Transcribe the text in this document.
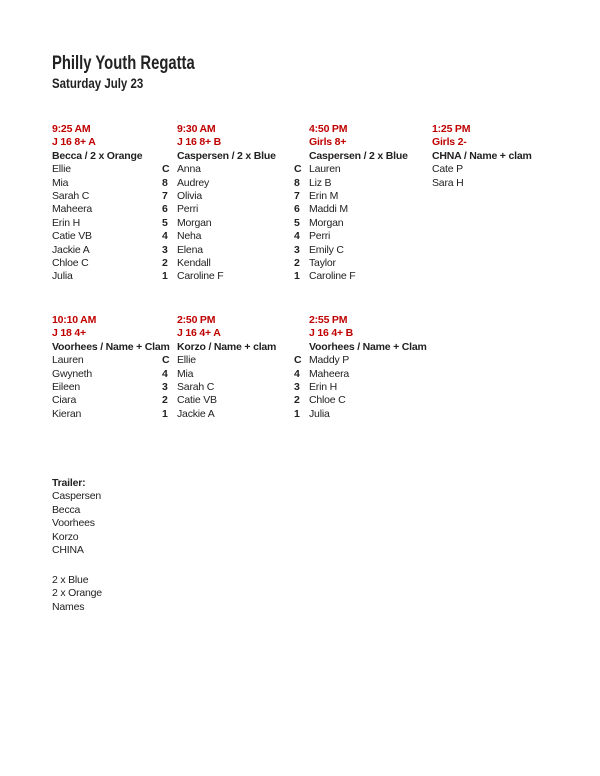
Philly Youth Regatta
Saturday July 23
9:25 AM
J 16 8+ A
Becca / 2 x Orange
Ellie
Mia
Sarah C
Maheera
Erin H
Catie VB
Jackie A
Chloe C
Julia
9:30 AM
J 16 8+ B
Caspersen / 2 x Blue
C Anna
8 Audrey
7 Olivia
6 Perri
5 Morgan
4 Neha
3 Elena
2 Kendall
1 Caroline F
4:50 PM
Girls 8+
Caspersen / 2 x Blue
C Lauren
8 Liz B
7 Erin M
6 Maddi M
5 Morgan
4 Perri
3 Emily C
2 Taylor
1 Caroline F
1:25 PM
Girls 2-
CHNA / Name + clam
Cate P
Sara H
10:10 AM
J 18 4+
Voorhees / Name + Clam
Lauren
Gwyneth
Eileen
Ciara
Kieran
2:50 PM
J 16 4+ A
Korzo / Name + clam
C Ellie
4 Mia
3 Sarah C
2 Catie VB
1 Jackie A
2:55 PM
J 16 4+ B
Voorhees / Name + Clam
C Maddy P
4 Maheera
3 Erin H
2 Chloe C
1 Julia
Trailer:
Caspersen
Becca
Voorhees
Korzo
CHINA
2 x Blue
2 x Orange
Names
